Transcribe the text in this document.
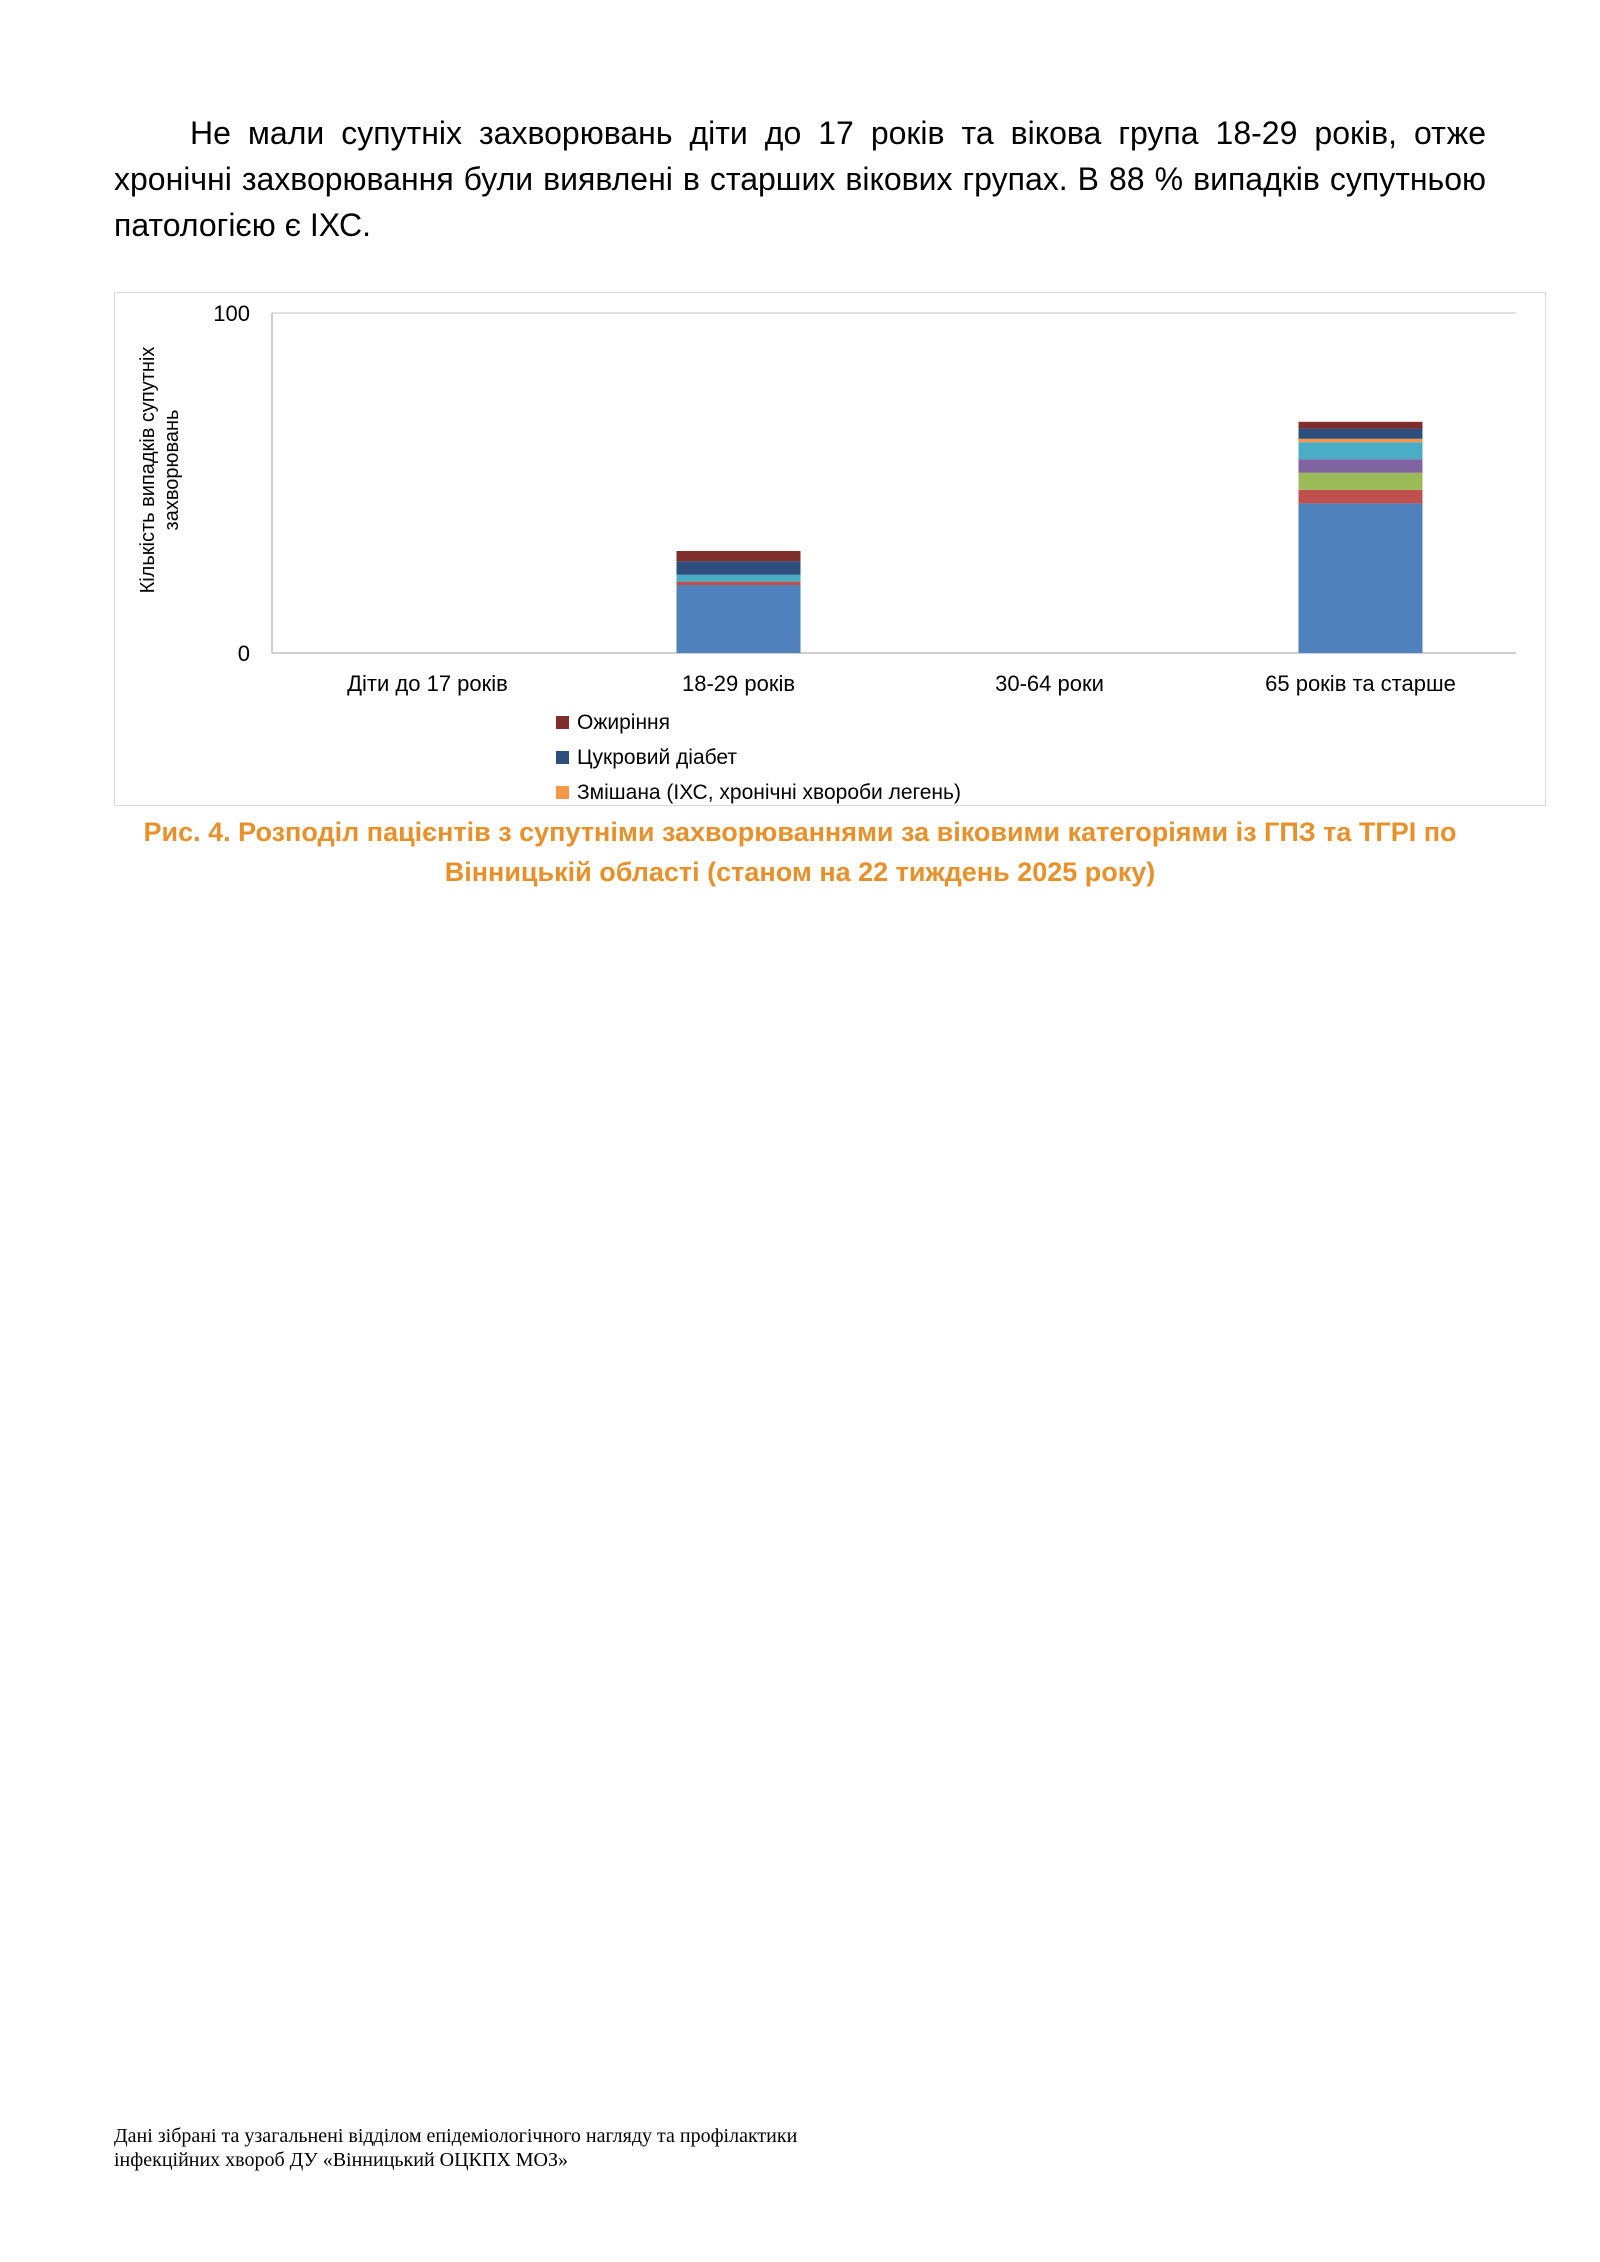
Не мали супутніх захворювань діти до 17 років та вікова група 18-29 років, отже хронічні захворювання були виявлені в старших вікових групах. В 88 % випадків супутньою патологією є ІХС.

0
100
Діти до 17 років	18-29 років	30-64 роки	65 років та старше
Кількість випадків супутніх захворювань
Ожиріння
Цукровий діабет
Змішана (ІХС, хронічні хвороби легень)
Рис. 4. Розподіл пацієнтів з супутніми захворюваннями за віковими категоріями із ГПЗ та ТГРІ по
Вінницькій області (станом на 22 тиждень 2025 року)
Дані зібрані та узагальнені відділом епідеміологічного нагляду та профілактики
інфекційних хвороб ДУ «Вінницький ОЦКПХ МОЗ»
